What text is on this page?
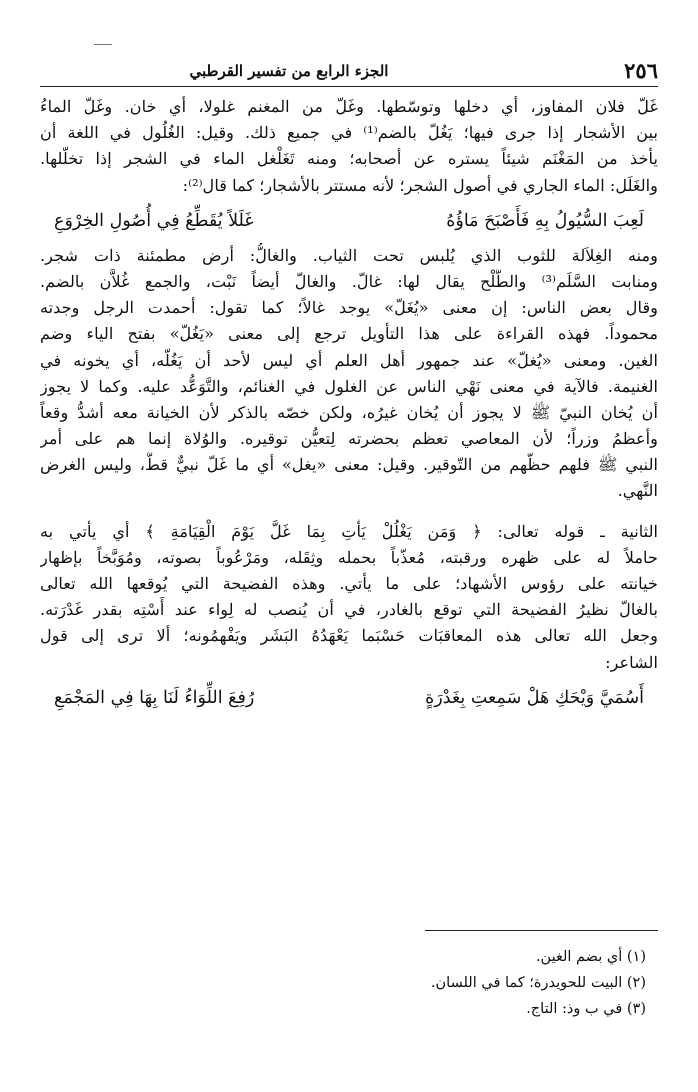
٢٥٦
الجزء الرابع من تفسير القرطبي
غَلّ فلان المفاوز، أي دخلها وتوسّطها. وغَلّ من المغنم غلولا، أي خان. وغَلّ الماءُ
بين الأشجار إذا جرى فيها؛ يَغُلّ بالضم⁽¹⁾ في جميع ذلك. وقيل: الغُلُول في اللغة أن
يأخذ من المَغْنَم شيئاً يستره عن أصحابه؛ ومنه تَغَلْغل الماء في الشجر إذا تخلّلها.
والغَلَل: الماء الجاري في أصول الشجر؛ لأنه مستتر بالأشجار؛ كما قال⁽²⁾:
لَعِبَ السُّيُولُ بِهِ فَأَصْبَحَ مَاؤُهُ
غَلَلاً يُقَطِّعُ فِي أُصُولِ الخِرْوَعِ
ومنه الغِلاَلة للثوب الذي يُلبس تحت الثياب. والغالُّ: أرض مطمئنة ذات شجر.
ومنابت السَّلَم⁽³⁾ والطَّلْح يقال لها: غالّ. والغالّ أيضاً نَبْت، والجمع غُلاَّن بالضم.
وقال بعض الناس: إن معنى «يُغَلّ» يوجد غالاً؛ كما تقول: أحمدت الرجل وجدته
محموداً. فهذه القراءة على هذا التأويل ترجع إلى معنى «يَغُلّ» بفتح الياء وضم
الغين. ومعنى «يُغلّ» عند جمهور أهل العلم أي ليس لأحد أن يَغُلّه، أي يخونه في
الغنيمة. فالآية في معنى نَهْي الناس عن الغلول في الغنائم، والتَّوَعُّد عليه. وكما لا يجوز
أن يُخان النبيّ ﷺ لا يجوز أن يُخان غيرُه، ولكن خصّه بالذكر لأن الخيانة معه أشدُّ وقعاً
وأعظمُ وزراً؛ لأن المعاصي تعظم بحضرته لِتعيُّن توقيره. والوُلاة إنما هم على أمر
النبي ﷺ فلهم حظّهم من التّوقير. وقيل: معنى «يغل» أي ما غَلّ نبيٌّ قطُّ، وليس الغرض
النَّهي.
الثانية ـ قوله تعالى: ﴿ وَمَن يَغْلُلْ يَأْتِ بِمَا غَلَّ يَوْمَ الْقِيَامَةِ ﴾ أي يأتي به
حاملاً له على ظهره ورقبته، مُعذّباً بحمله وثِقَله، ومَرْعُوباً بصوته، ومُوَبَّخاً بإظهار
خيانته على رؤوس الأشهاد؛ على ما يأتي. وهذه الفضيحة التي يُوقعها الله تعالى
بالغالّ نظيرُ الفضيحة التي توقع بالغادر، في أن يُنصب له لِواء عند أَسْتِه بقدر غَدْرَته.
وجعل الله تعالى هذه المعاقبَات حَسْبَما يَعْهَدُهُ البَشَر ويَفْهمُونه؛ ألا ترى إلى قول
الشاعر:
أَسُمَيَّ وَيْحَكِ هَلْ سَمِعتِ بِغَدْرَةٍ
رُفِعَ اللِّوَاءُ لَنَا بِهَا فِي المَجْمَعِ
(١) أي بضم الغين.
(٢) البيت للحويدرة؛ كما في اللسان.
(٣) في ب وذ: التاج.
